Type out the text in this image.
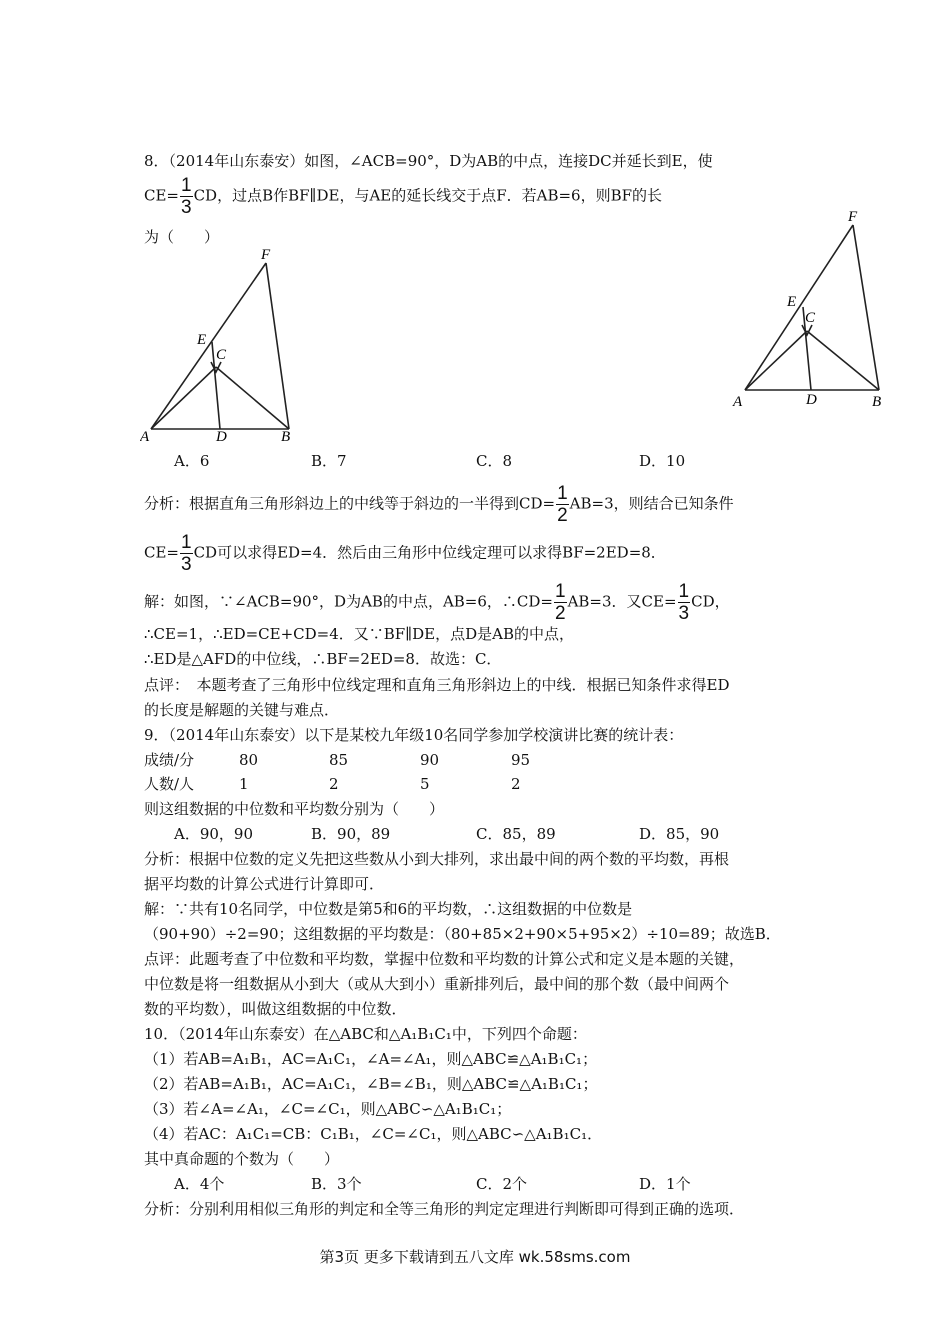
8．（2014年山东泰安）如图，∠ACB=90°，D为AB的中点，连接DC并延长到E，使
$CE= \frac{1}{3}$ CD，过点B作BF∥DE，与AE的延长线交于点F．若AB=6，则BF的长
为（　　）
A	D	B
C
E
F
A	D	B
C
E
F
A．6	B．7	C．8	D．10
分析：根据直角三角形斜边上的中线等于斜边的一半得到$CD= \frac{1}{2} AB=3$，则结合已知条件
$CE= \frac{1}{3}$ CD可以求得ED=4．然后由三角形中位线定理可以求得BF=2ED=8．
解：如图，∵∠ACB=90°，D为AB的中点，AB=6，∴CD= $\frac{1}{2} AB=3$．又$CE= \frac{1}{3}$ CD，
∴CE=1，∴ED=CE+CD=4．又∵BF∥DE，点D是AB的中点，
∴ED是△AFD的中位线，∴BF=2ED=8．故选：C．
点评：　本题考查了三角形中位线定理和直角三角形斜边上的中线．根据已知条件求得ED
的长度是解题的关键与难点．
9．（2014年山东泰安）以下是某校九年级10名同学参加学校演讲比赛的统计表：
成绩/分	80	85	90	95
人数/人	1	2	5	2
则这组数据的中位数和平均数分别为（　　）
A．90，90	B．90，89	C．85，89	D．85，90
分析：根据中位数的定义先把这些数从小到大排列，求出最中间的两个数的平均数，再根
据平均数的计算公式进行计算即可．
解：∵共有10名同学，中位数是第5和6的平均数，∴这组数据的中位数是
（90+90）÷2=90；这组数据的平均数是：（80+85×2+90×5+95×2）÷10=89；故选B．
点评：此题考查了中位数和平均数，掌握中位数和平均数的计算公式和定义是本题的关键，
中位数是将一组数据从小到大（或从大到小）重新排列后，最中间的那个数（最中间两个
数的平均数），叫做这组数据的中位数．
10．（2014年山东泰安）在△ABC和△A₁B₁C₁中，下列四个命题：
（1）若AB=A₁B₁，AC=A₁C₁，∠A=∠A₁，则△ABC≌△A₁B₁C₁；
（2）若AB=A₁B₁，AC=A₁C₁，∠B=∠B₁，则△ABC≌△A₁B₁C₁；
（3）若∠A=∠A₁，∠C=∠C₁，则△ABC∽△A₁B₁C₁；
（4）若AC：A₁C₁=CB：C₁B₁，∠C=∠C₁，则△ABC∽△A₁B₁C₁．
其中真命题的个数为（　　）
A．4个	B．3个	C．2个	D．1个
分析：分别利用相似三角形的判定和全等三角形的判定定理进行判断即可得到正确的选项．
第3页 更多下载请到五八文库 wk.58sms.com
